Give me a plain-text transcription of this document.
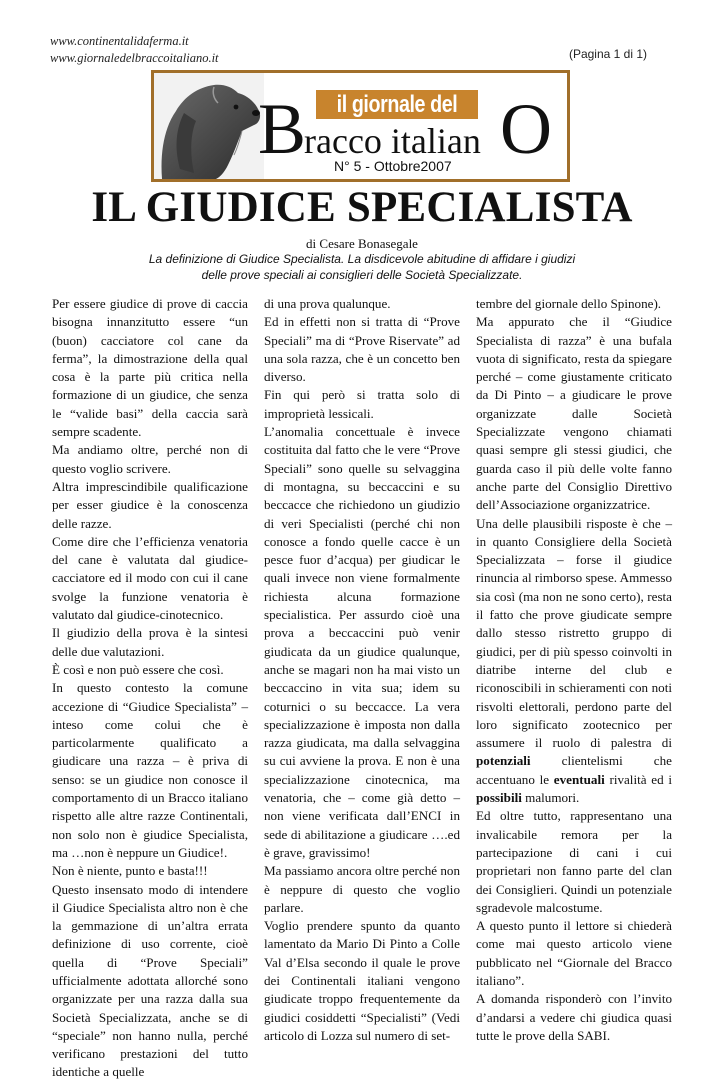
www.continentalidaferma.it
www.giornaledelbraccoitaliano.it	(Pagina 1 di 1)
il giornale del
B
racco italian O
N° 5 - Ottobre2007
IL GIUDICE SPECIALISTA
di Cesare Bonasegale
La definizione di Giudice Specialista. La disdicevole abitudine di affidare i giudizi
delle prove speciali ai consiglieri delle Società Specializzate.

Per essere giudice di prove di caccia bisogna innanzitutto essere “un (buon) cacciatore col cane da ferma”, la dimostrazione della qual cosa è la parte più critica nella formazione di un giudice, che senza le “valide basi” della caccia sarà sempre scadente.

Ma andiamo oltre, perché non di questo voglio scrivere.

Altra imprescindibile qualificazione per esser giudice è la conoscenza delle razze.

Come dire che l’efficienza venatoria del cane è valutata dal giudice-cacciatore ed il modo con cui il cane svolge la funzione venatoria è valutato dal giudice-cinotecnico.

Il giudizio della prova è la sintesi delle due valutazioni.

È così e non può essere che così.

In questo contesto la comune accezione di “Giudice Specialista” – inteso come colui che è particolarmente qualificato a giudicare una razza – è priva di senso: se un giudice non conosce il comportamento di un Bracco italiano rispetto alle altre razze Continentali, non solo non è giudice Specialista, ma …non è neppure un Giudice!.

Non è niente, punto e basta!!!

Questo insensato modo di intendere il Giudice Specialista altro non è che la gemmazione di un’altra errata definizione di uso corrente, cioè quella di “Prove Speciali” ufficialmente adottata allorché sono organizzate per una razza dalla sua Società Specializzata, anche se di “speciale” non hanno nulla, perché verificano prestazioni del tutto identiche a quelle

di una prova qualunque.

Ed in effetti non si tratta di “Prove Speciali” ma di “Prove Riservate” ad una sola razza, che è un concetto ben diverso.

Fin qui però si tratta solo di improprietà lessicali.

L’anomalia concettuale è invece costituita dal fatto che le vere “Prove Speciali” sono quelle su selvaggina di montagna, su beccaccini e su beccacce che richiedono un giudizio di veri Specialisti (perché chi non conosce a fondo quelle cacce è un pesce fuor d’acqua) per giudicar le quali invece non viene formalmente richiesta alcuna formazione specialistica. Per assurdo cioè una prova a beccaccini può venir giudicata da un giudice qualunque, anche se magari non ha mai visto un beccaccino in vita sua; idem su coturnici o su beccacce. La vera specializzazione è imposta non dalla razza giudicata, ma dalla selvaggina su cui avviene la prova. E non è una specializzazione cinotecnica, ma venatoria, che – come già detto – non viene verificata dall’ENCI in sede di abilitazione a giudicare ….ed è grave, gravissimo!

Ma passiamo ancora oltre perché non è neppure di questo che voglio parlare.

Voglio prendere spunto da quanto lamentato da Mario Di Pinto a Colle Val d’Elsa secondo il quale le prove dei Continentali italiani vengono giudicate troppo frequentemente da giudici cosiddetti “Specialisti” (Vedi articolo di Lozza sul numero di set-

tembre del giornale dello Spinone).

Ma appurato che il “Giudice Specialista di razza” è una bufala vuota di significato, resta da spiegare perché – come giustamente criticato da Di Pinto – a giudicare le prove organizzate dalle Società Specializzate vengono chiamati quasi sempre gli stessi giudici, che guarda caso il più delle volte fanno anche parte del Consiglio Direttivo dell’Associazione organizzatrice.

Una delle plausibili risposte è che – in quanto Consigliere della Società Specializzata – forse il giudice rinuncia al rimborso spese. Ammesso sia così (ma non ne sono certo), resta il fatto che prove giudicate sempre dallo stesso ristretto gruppo di giudici, per di più spesso coinvolti in diatribe interne del club e riconoscibili in schieramenti con noti risvolti elettorali, perdono parte del loro significato zootecnico per assumere il ruolo di palestra di potenziali clientelismi che accentuano le eventuali rivalità ed i possibili malumori.

Ed oltre tutto, rappresentano una invalicabile remora per la partecipazione di cani i cui proprietari non fanno parte del clan dei Consiglieri. Quindi un potenziale sgradevole malcostume.

A questo punto il lettore si chiederà come mai questo articolo viene pubblicato nel “Giornale del Bracco italiano”.

A domanda risponderò con l’invito d’andarsi a vedere chi giudica quasi tutte le prove della SABI.
